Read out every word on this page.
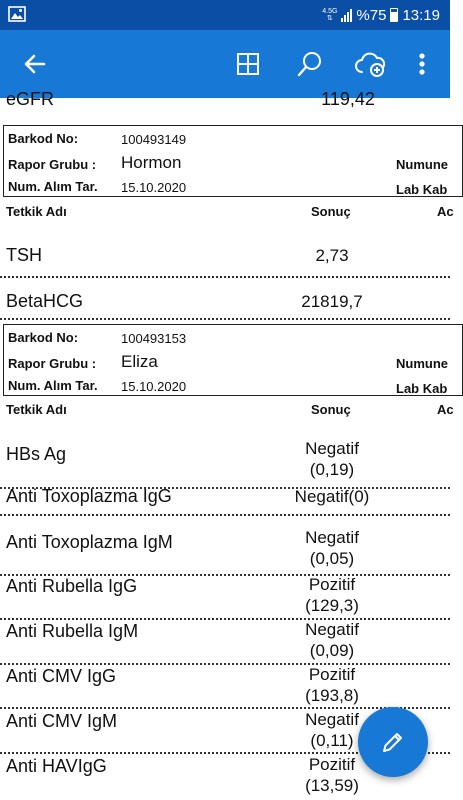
4.5G
⇅	%75 13:19
eGFR	119,42
Barkod No:	100493149
Rapor Grubu : Hormon
Num. Alım Tar. 15.10.2020
Numune
Lab Kab
Tetkik Adı	Sonuç	Ac
TSH	2,73
BetaHCG	21819,7
Barkod No:	100493153
Rapor Grubu : Eliza
Num. Alım Tar. 15.10.2020
Numune
Lab Kab
Tetkik Adı	Sonuç	Ac
HBs Ag	Negatif
(0,19)
Anti Toxoplazma IgG	Negatif(0)
Anti Toxoplazma IgM	Negatif
(0,05)
Anti Rubella IgG	Pozitif
(129,3)
Anti Rubella IgM	Negatif
(0,09)
Anti CMV IgG	Pozitif
(193,8)
Anti CMV IgM	Negatif
(0,11)
Anti HAVIgG	Pozitif
(13,59)
